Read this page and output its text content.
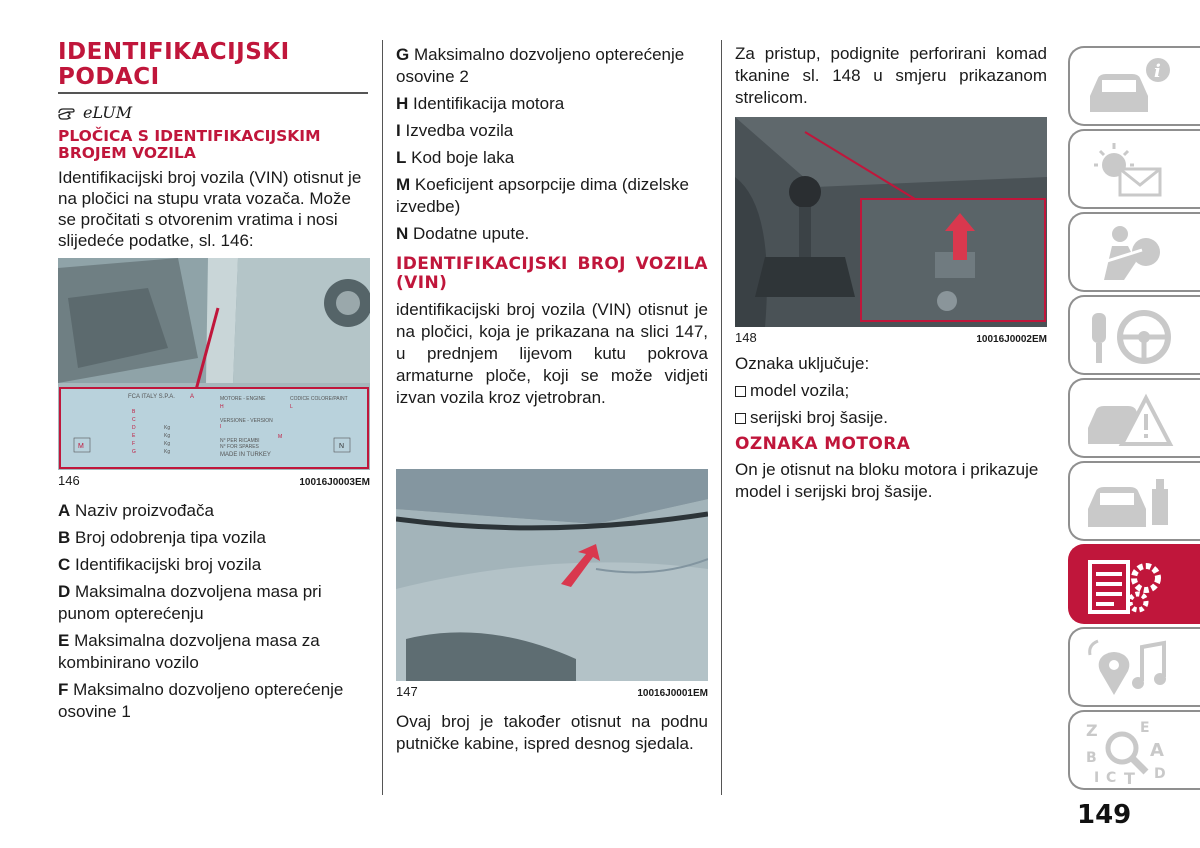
IDENTIFIKACIJSKI PODACI
eLUM
PLOČICA S IDENTIFIKACIJSKIM BROJEM VOZILA

Identifikacijski broj vozila (VIN) otisnut je na pločici na stupu vrata vozača. Može se pročitati s otvorenim vratima i nosi slijedeće podatke, sl. 146:

FCA ITALY S.P.A.	A	MOTORE - ENGINE	CODICE COLORE/PAINT
VERSIONE - VERSION
N° PER RICAMBI
N° FOR SPARES
MADE IN TURKEY
B
C
D
E
F
G
H
I
L
M
Kg
Kg
Kg
Kg
M	N
146	10016J0003EM

A Naziv proizvođača

B Broj odobrenja tipa vozila

C Identifikacijski broj vozila

D Maksimalna dozvoljena masa pri punom opterećenju

E Maksimalna dozvoljena masa za kombinirano vozilo

F Maksimalno dozvoljeno opterećenje osovine 1

G Maksimalno dozvoljeno opterećenje osovine 2

H Identifikacija motora

I Izvedba vozila

L Kod boje laka

M Koeficijent apsorpcije dima (dizelske izvedbe)

N Dodatne upute.

IDENTIFIKACIJSKI BROJ VOZILA (VIN)

identifikacijski broj vozila (VIN) otisnut je na pločici, koja je prikazana na slici 147, u prednjem lijevom kutu pokrova armaturne ploče, koji se može vidjeti izvan vozila kroz vjetrobran.

147	10016J0001EM

Ovaj broj je također otisnut na podnu putničke kabine, ispred desnog sjedala.

Za pristup, podignite perforirani komad tkanine sl. 148 u smjeru prikazanom strelicom.

148	10016J0002EM

Oznaka uključuje:

model vozila;

serijski broj šasije.

OZNAKA MOTORA

On je otisnut na bloku motora i prikazuje model i serijski broj šasije.

i
Z	E
B	A
I C T D
149
